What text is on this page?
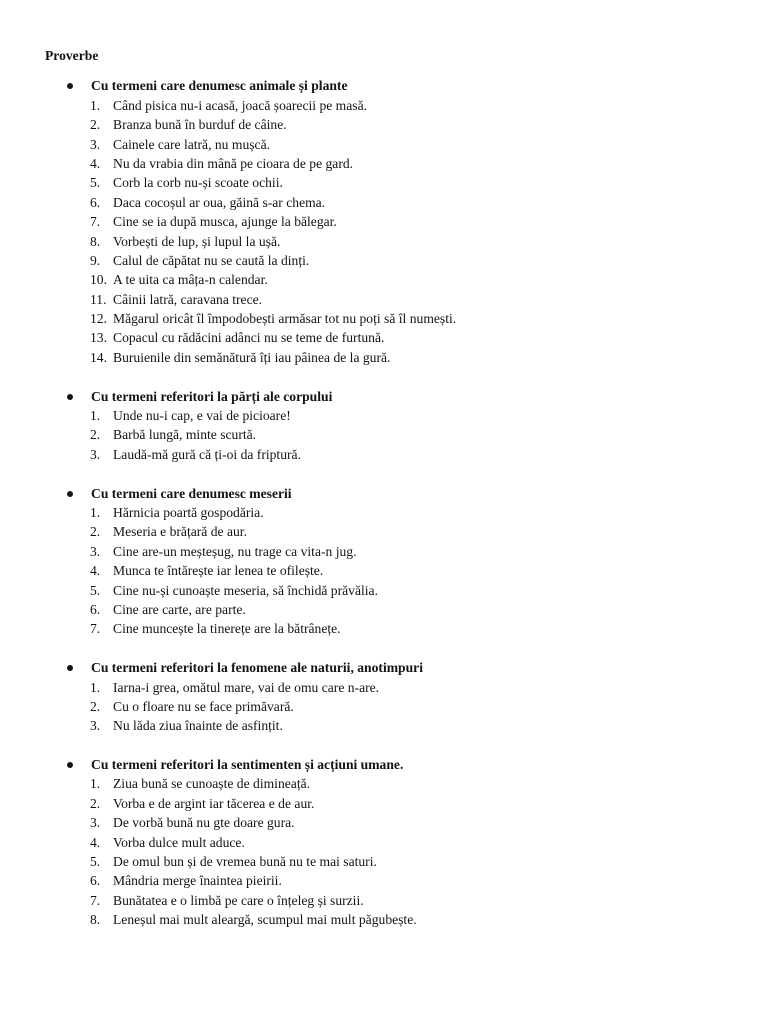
Proverbe
Cu termeni care denumesc animale și plante
1. Când pisica nu-i acasă, joacă șoarecii pe masă.
2. Branza bună în burduf de câine.
3. Cainele care latră, nu mușcă.
4. Nu da vrabia din mână pe cioara de pe gard.
5. Corb la corb nu-și scoate ochii.
6. Daca cocoșul ar oua, găină s-ar chema.
7. Cine se ia după musca, ajunge la bălegar.
8. Vorbești de lup, și lupul la ușă.
9. Calul de căpătat nu se caută la dinți.
10. A te uita ca mâța-n calendar.
11. Câinii latră, caravana trece.
12. Măgarul oricât îl împodobești armăsar tot nu poți să îl numești.
13. Copacul cu rădăcini adânci nu se teme de furtună.
14. Buruienile din semănătură îți iau pâinea de la gură.
Cu termeni referitori la părți ale corpului
1. Unde nu-i cap, e vai de picioare!
2. Barbă lungă, minte scurtă.
3. Laudă-mă gură că ți-oi da friptură.
Cu termeni care denumesc meserii
1. Hărnicia poartă gospodăria.
2. Meseria e brățară de aur.
3. Cine are-un meșteșug, nu trage ca vita-n jug.
4. Munca te întărește iar lenea te ofilește.
5. Cine nu-și cunoaște meseria, să închidă prăvălia.
6. Cine are carte, are parte.
7. Cine muncește la tinerețe are la bătrânețe.
Cu termeni referitori la fenomene ale naturii, anotimpuri
1. Iarna-i grea, omătul mare, vai de omu care n-are.
2. Cu o floare nu se face primăvară.
3. Nu lăda ziua înainte de asfințit.
Cu termeni referitori la sentimenten și acțiuni umane.
1. Ziua bună se cunoaște de dimineață.
2. Vorba e de argint iar tăcerea e de aur.
3. De vorbă bună nu gte doare gura.
4. Vorba dulce mult aduce.
5. De omul bun și de vremea bună nu te mai saturi.
6. Mândria merge înaintea pieirii.
7. Bunătatea e o limbă pe care o înțeleg și surzii.
8. Leneșul mai mult aleargă, scumpul mai mult păgubește.
